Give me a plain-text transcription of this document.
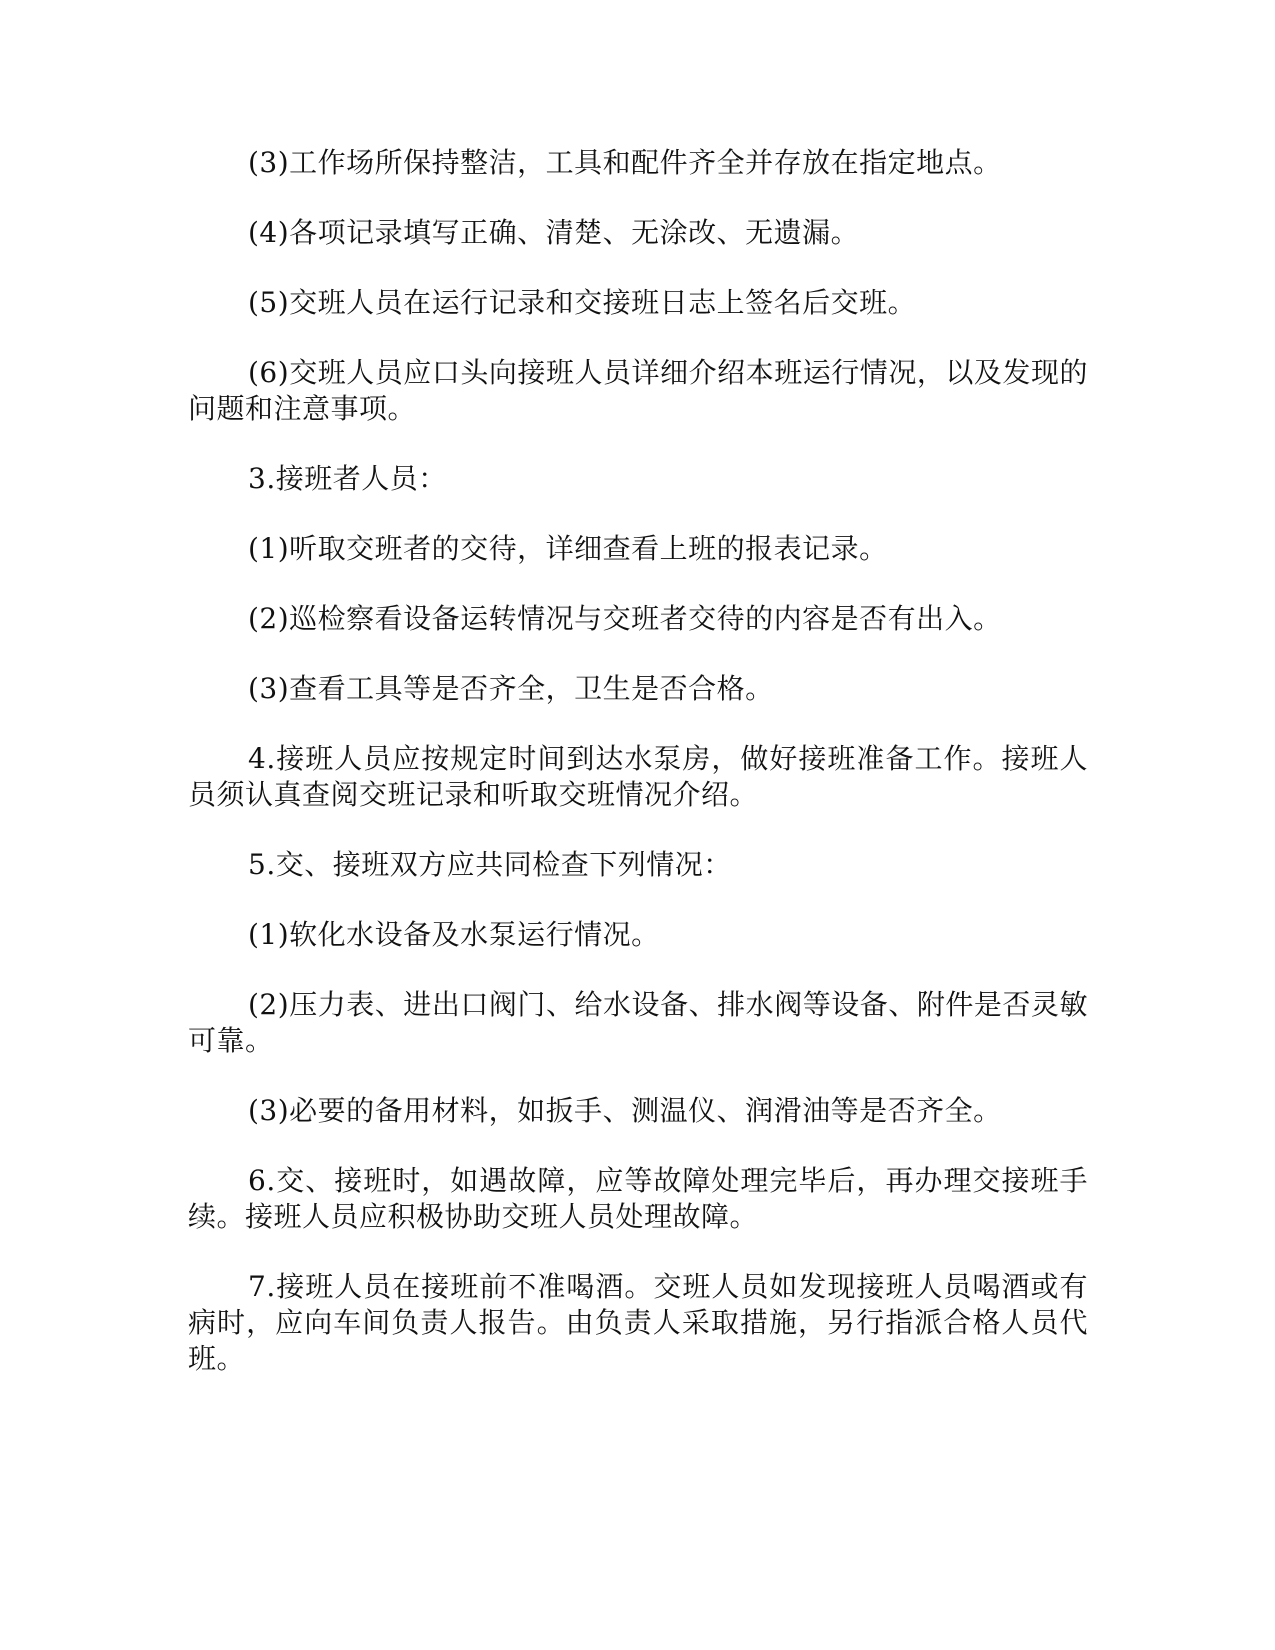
(3)工作场所保持整洁，工具和配件齐全并存放在指定地点。

(4)各项记录填写正确、清楚、无涂改、无遗漏。

(5)交班人员在运行记录和交接班日志上签名后交班。

(6)交班人员应口头向接班人员详细介绍本班运行情况，以及发现的问题和注意事项。

3.接班者人员：

(1)听取交班者的交待，详细查看上班的报表记录。

(2)巡检察看设备运转情况与交班者交待的内容是否有出入。

(3)查看工具等是否齐全，卫生是否合格。

4.接班人员应按规定时间到达水泵房，做好接班准备工作。接班人员须认真查阅交班记录和听取交班情况介绍。

5.交、接班双方应共同检查下列情况：

(1)软化水设备及水泵运行情况。

(2)压力表、进出口阀门、给水设备、排水阀等设备、附件是否灵敏可靠。

(3)必要的备用材料，如扳手、测温仪、润滑油等是否齐全。

6.交、接班时，如遇故障，应等故障处理完毕后，再办理交接班手续。接班人员应积极协助交班人员处理故障。

7.接班人员在接班前不准喝酒。交班人员如发现接班人员喝酒或有病时，应向车间负责人报告。由负责人采取措施，另行指派合格人员代班。
